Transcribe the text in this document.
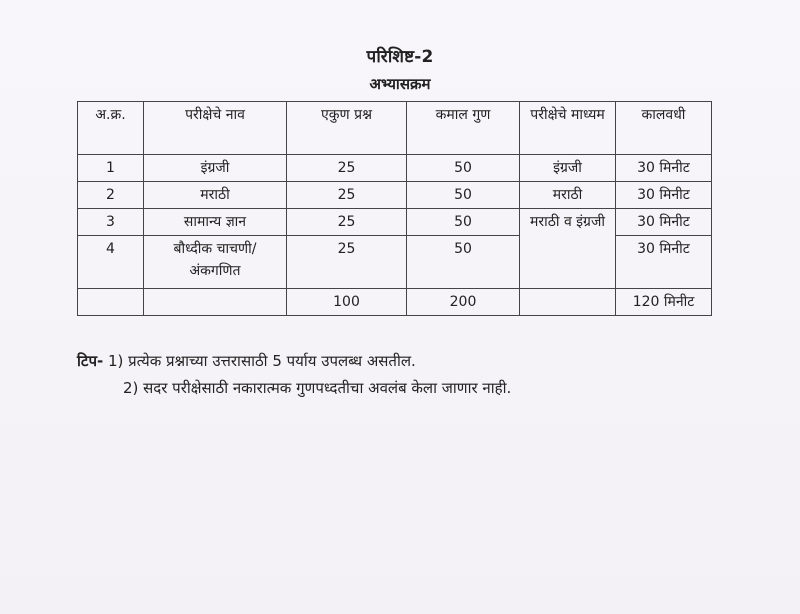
परिशिष्ट-2
अभ्यासक्रम
अ.क्र.	परीक्षेचे नाव	एकुण प्रश्न	कमाल गुण	परीक्षेचे माध्यम	कालवधी
1	इंग्रजी	25	50	इंग्रजी	30 मिनीट
2	मराठी	25	50	मराठी	30 मिनीट
3	सामान्य ज्ञान	25	50	मराठी व इंग्रजी	30 मिनीट
4	बौध्दीक चाचणी/ अंकगणित	25	50		30 मिनीट
		100	200		120 मिनीट
टिप- 1) प्रत्येक प्रश्नाच्या उत्तरासाठी 5 पर्याय उपलब्ध असतील.
2) सदर परीक्षेसाठी नकारात्मक गुणपध्दतीचा अवलंब केला जाणार नाही.
